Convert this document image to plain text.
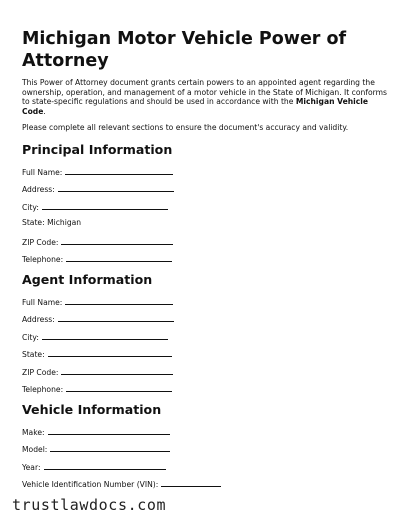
Michigan Motor Vehicle Power of Attorney

This Power of Attorney document grants certain powers to an appointed agent regarding the ownership, operation, and management of a motor vehicle in the State of Michigan. It conforms to state-specific regulations and should be used in accordance with the Michigan Vehicle Code.

Please complete all relevant sections to ensure the document's accuracy and validity.

Principal Information
Full Name:
Address:
City:
State: Michigan
ZIP Code:
Telephone:
Agent Information
Full Name:
Address:
City:
State:
ZIP Code:
Telephone:
Vehicle Information
Make:
Model:
Year:
Vehicle Identification Number (VIN):

trustlawdocs.com
